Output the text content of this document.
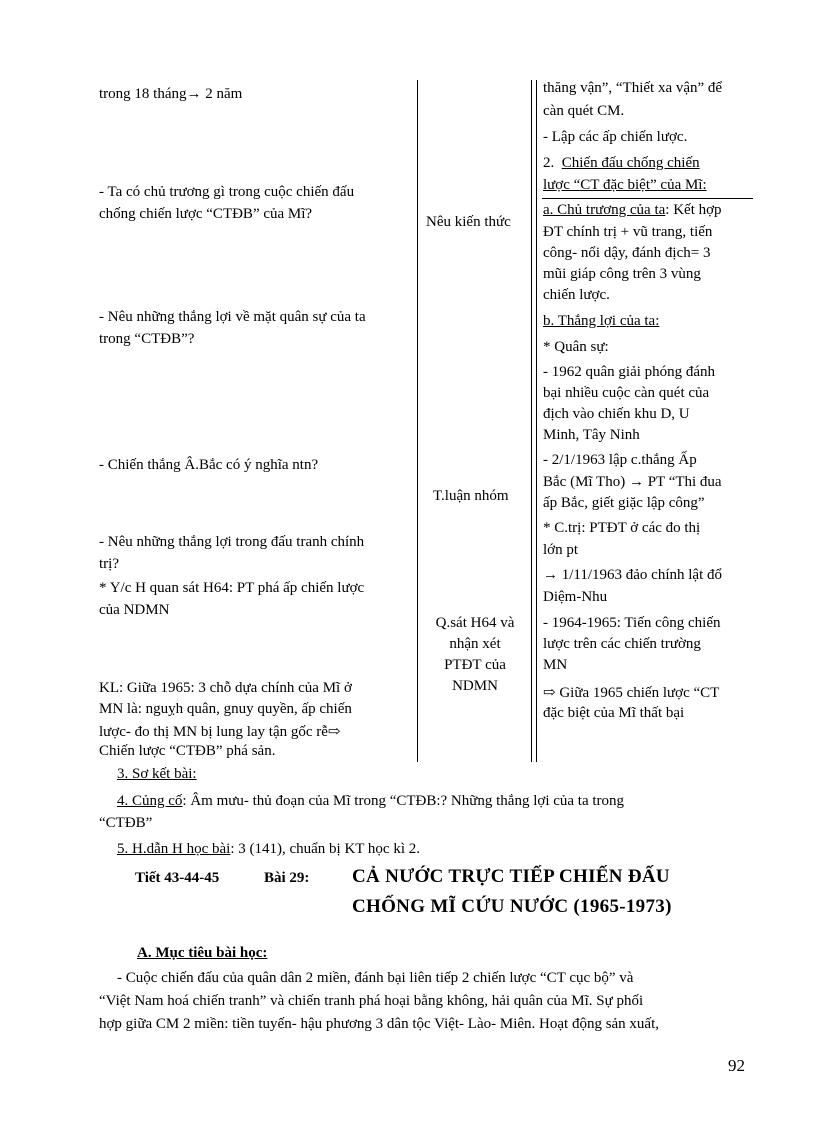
trong 18 tháng→ 2 năm
- Ta có chủ trương gì trong cuộc chiến đấu
chống chiến lược “CTĐB” của Mĩ?
- Nêu những thắng lợi về mặt quân sự của ta
trong “CTĐB”?
- Chiến thắng Â.Bắc có ý nghĩa ntn?
- Nêu những thắng lợi trong đấu tranh chính
trị?
* Y/c H quan sát H64: PT phá ấp chiến lược
của NDMN
KL: Giữa 1965: 3 chỗ dựa chính của Mĩ ở
MN là: nguỵh quân, gnuy quyền, ấp chiến
lược- đo thị MN bị lung lay tận gốc rễ⇨
Chiến lược “CTĐB” phá sản.
Nêu kiến thức
T.luận nhóm
Q.sát H64 và
nhận xét
PTĐT của
NDMN
thăng vận”, “Thiết xa vận” để
càn quét CM.
- Lập các ấp chiến lược.
2. Chiến đấu chống chiến
lược “CT đặc biệt” của Mĩ:
a. Chủ trương của ta: Kết hợp
ĐT chính trị + vũ trang, tiến
công- nổi dậy, đánh địch= 3
mũi giáp công trên 3 vùng
chiến lược.
b. Thắng lợi của ta:
* Quân sự:
- 1962 quân giải phóng đánh
bại nhiều cuộc càn quét của
địch vào chiến khu D, U
Minh, Tây Ninh
- 2/1/1963 lập c.thắng Ấp
Bắc (Mĩ Tho) → PT “Thi đua
ấp Bắc, giết giặc lập công”
* C.trị: PTĐT ở các đo thị
lớn pt
→ 1/11/1963 đảo chính lật đổ
Diệm-Nhu
- 1964-1965: Tiến công chiến
lược trên các chiến trường
MN
⇨ Giữa 1965 chiến lược “CT
đặc biệt của Mĩ thất bại
3. Sơ kết bài:
4. Củng cố: Âm mưu- thủ đoạn của Mĩ trong “CTĐB:? Những thắng lợi của ta trong
“CTĐB”
5. H.dẫn H học bài: 3 (141), chuẩn bị KT học kì 2.
Tiết 43-44-45	Bài 29: CẢ NƯỚC TRỰC TIẾP CHIẾN ĐẤU
CHỐNG MĨ CỨU NƯỚC (1965-1973)
A. Mục tiêu bài học:
- Cuộc chiến đấu của quân dân 2 miền, đánh bại liên tiếp 2 chiến lược “CT cục bộ” và
“Việt Nam hoá chiến tranh” và chiến tranh phá hoại bằng không, hải quân của Mĩ. Sự phối
hợp giữa CM 2 miền: tiền tuyến- hậu phương 3 dân tộc Việt- Lào- Miên. Hoạt động sản xuất,
92
